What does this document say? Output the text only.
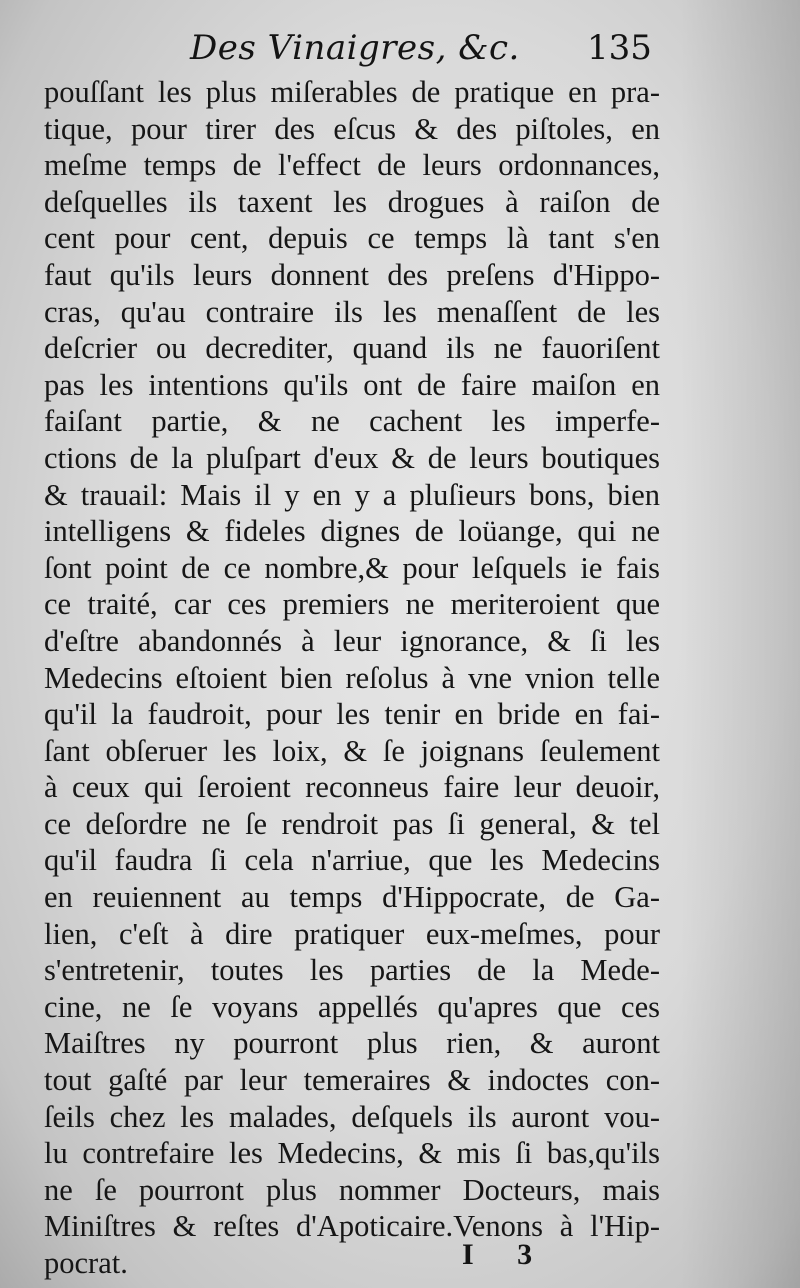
Des Vinaigres, &c. 135
pouſſant les plus miſerables de pratique en pra-
tique, pour tirer des eſcus & des piſtoles, en
meſme temps de l'effect de leurs ordonnances,
deſquelles ils taxent les drogues à raiſon de
cent pour cent, depuis ce temps là tant s'en
faut qu'ils leurs donnent des preſens d'Hippo-
cras, qu'au contraire ils les menaſſent de les
deſcrier ou decrediter, quand ils ne fauoriſent
pas les intentions qu'ils ont de faire maiſon en
faiſant partie, & ne cachent les imperfe-
ctions de la pluſpart d'eux & de leurs boutiques
& trauail: Mais il y en y a pluſieurs bons, bien
intelligens & fideles dignes de loüange, qui ne
ſont point de ce nombre,& pour leſquels ie fais
ce traité, car ces premiers ne meriteroient que
d'eſtre abandonnés à leur ignorance, & ſi les
Medecins eſtoient bien reſolus à vne vnion telle
qu'il la faudroit, pour les tenir en bride en fai-
ſant obſeruer les loix, & ſe joignans ſeulement
à ceux qui ſeroient reconneus faire leur deuoir,
ce deſordre ne ſe rendroit pas ſi general, & tel
qu'il faudra ſi cela n'arriue, que les Medecins
en reuiennent au temps d'Hippocrate, de Ga-
lien, c'eſt à dire pratiquer eux-meſmes, pour
s'entretenir, toutes les parties de la Mede-
cine, ne ſe voyans appellés qu'apres que ces
Maiſtres ny pourront plus rien, & auront
tout gaſté par leur temeraires & indoctes con-
ſeils chez les malades, deſquels ils auront vou-
lu contrefaire les Medecins, & mis ſi bas,qu'ils
ne ſe pourront plus nommer Docteurs, mais
Miniſtres & reſtes d'Apoticaire.Venons à l'Hip-
pocrat.	I 3
